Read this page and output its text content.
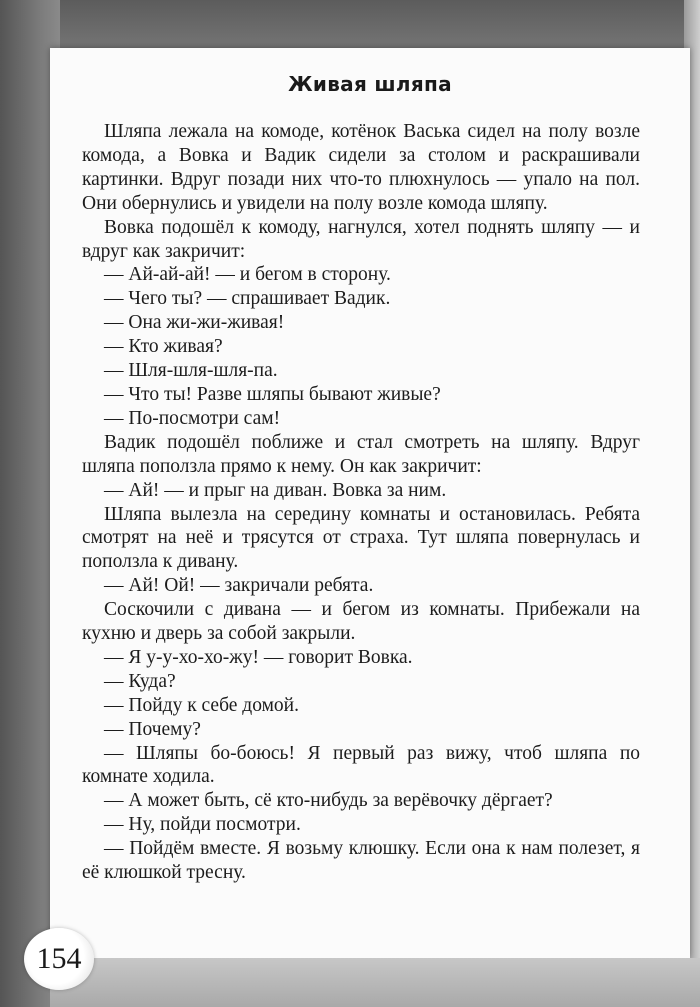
Живая шляпа

Шляпа лежала на комоде, котёнок Васька сидел на полу возле комода, а Вовка и Вадик сидели за столом и раскрашивали картинки. Вдруг позади них что-то плюхнулось — упало на пол. Они обернулись и увидели на полу возле комода шляпу.

Вовка подошёл к комоду, нагнулся, хотел поднять шляпу — и вдруг как закричит:

— Ай-ай-ай! — и бегом в сторону.

— Чего ты? — спрашивает Вадик.

— Она жи-жи-живая!

— Кто живая?

— Шля-шля-шля-па.

— Что ты! Разве шляпы бывают живые?

— По-посмотри сам!

Вадик подошёл поближе и стал смотреть на шляпу. Вдруг шляпа поползла прямо к нему. Он как закричит:

— Ай! — и прыг на диван. Вовка за ним.

Шляпа вылезла на середину комнаты и остановилась. Ребята смотрят на неё и трясутся от страха. Тут шляпа повернулась и поползла к дивану.

— Ай! Ой! — закричали ребята.

Соскочили с дивана — и бегом из комнаты. Прибежали на кухню и дверь за собой закрыли.

— Я у-у-хо-хо-жу! — говорит Вовка.

— Куда?

— Пойду к себе домой.

— Почему?

— Шляпы бо-боюсь! Я первый раз вижу, чтоб шляпа по комнате ходила.

— А может быть, сё кто-нибудь за верёвочку дёргает?

— Ну, пойди посмотри.

— Пойдём вместе. Я возьму клюшку. Если она к нам полезет, я её клюшкой тресну.

154
